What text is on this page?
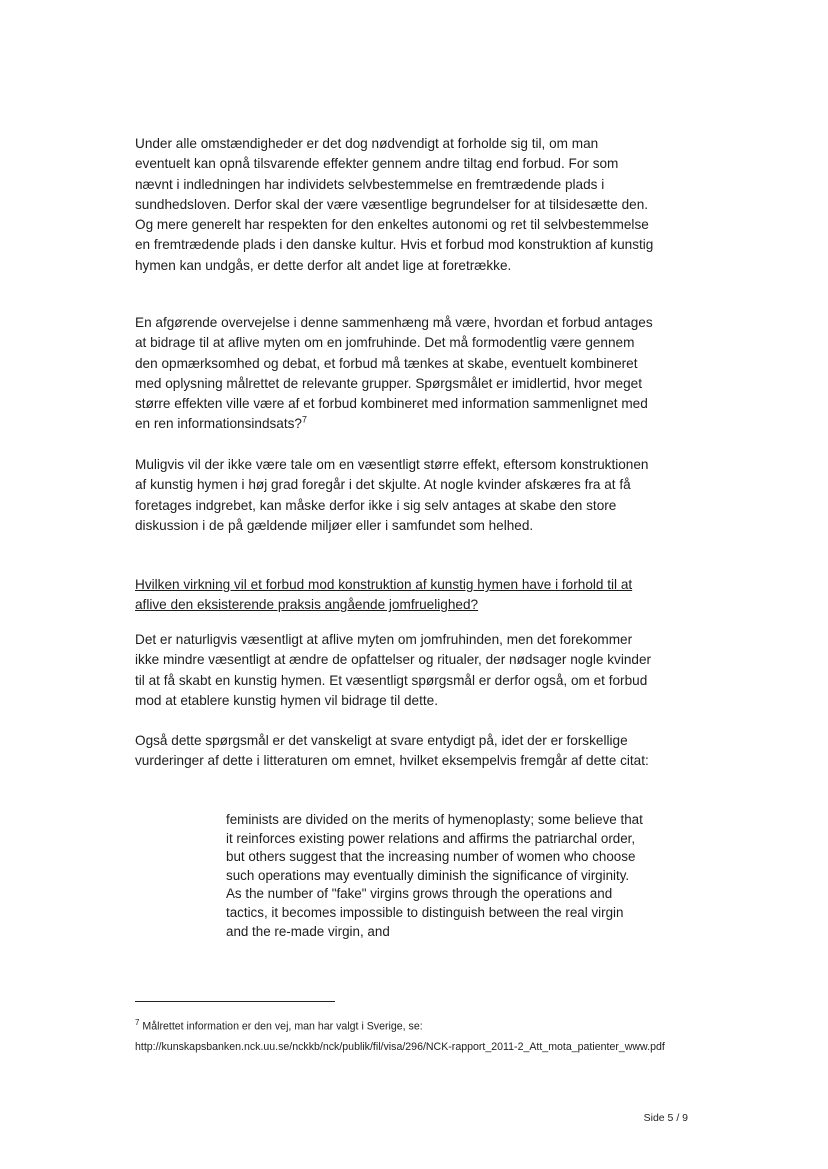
Under alle omstændigheder er det dog nødvendigt at forholde sig til, om man eventuelt kan opnå tilsvarende effekter gennem andre tiltag end forbud. For som nævnt i indledningen har individets selvbestemmelse en fremtrædende plads i sundhedsloven. Derfor skal der være væsentlige begrundelser for at tilsidesætte den. Og mere generelt har respekten for den enkeltes autonomi og ret til selvbestemmelse en fremtrædende plads i den danske kultur. Hvis et forbud mod konstruktion af kunstig hymen kan undgås, er dette derfor alt andet lige at foretrække.

En afgørende overvejelse i denne sammenhæng må være, hvordan et forbud antages at bidrage til at aflive myten om en jomfruhinde. Det må formodentlig være gennem den opmærksomhed og debat, et forbud må tænkes at skabe, eventuelt kombineret med oplysning målrettet de relevante grupper. Spørgsmålet er imidlertid, hvor meget større effekten ville være af et forbud kombineret med information sammenlignet med en ren informationsindsats?$^7$

Muligvis vil der ikke være tale om en væsentligt større effekt, eftersom konstruktionen af kunstig hymen i høj grad foregår i det skjulte. At nogle kvinder afskæres fra at få foretages indgrebet, kan måske derfor ikke i sig selv antages at skabe den store diskussion i de på gældende miljøer eller i samfundet som helhed.

Hvilken virkning vil et forbud mod konstruktion af kunstig hymen have i forhold til at aflive den eksisterende praksis angående jomfruelighed?

Det er naturligvis væsentligt at aflive myten om jomfruhinden, men det forekommer ikke mindre væsentligt at ændre de opfattelser og ritualer, der nødsager nogle kvinder til at få skabt en kunstig hymen. Et væsentligt spørgsmål er derfor også, om et forbud mod at etablere kunstig hymen vil bidrage til dette.

Også dette spørgsmål er det vanskeligt at svare entydigt på, idet der er forskellige vurderinger af dette i litteraturen om emnet, hvilket eksempelvis fremgår af dette citat:

feminists are divided on the merits of hymenoplasty; some believe that it reinforces existing power relations and affirms the patriarchal order, but others suggest that the increasing number of women who choose such operations may eventually diminish the significance of virginity. As the number of "fake" virgins grows through the operations and tactics, it becomes impossible to distinguish between the real virgin and the re-made virgin, and

$^7$ Målrettet information er den vej, man har valgt i Sverige, se:
http://kunskapsbanken.nck.uu.se/nckkb/nck/publik/fil/visa/296/NCK-rapport_2011-2_Att_mota_patienter_www.pdf

Side 5 / 9
